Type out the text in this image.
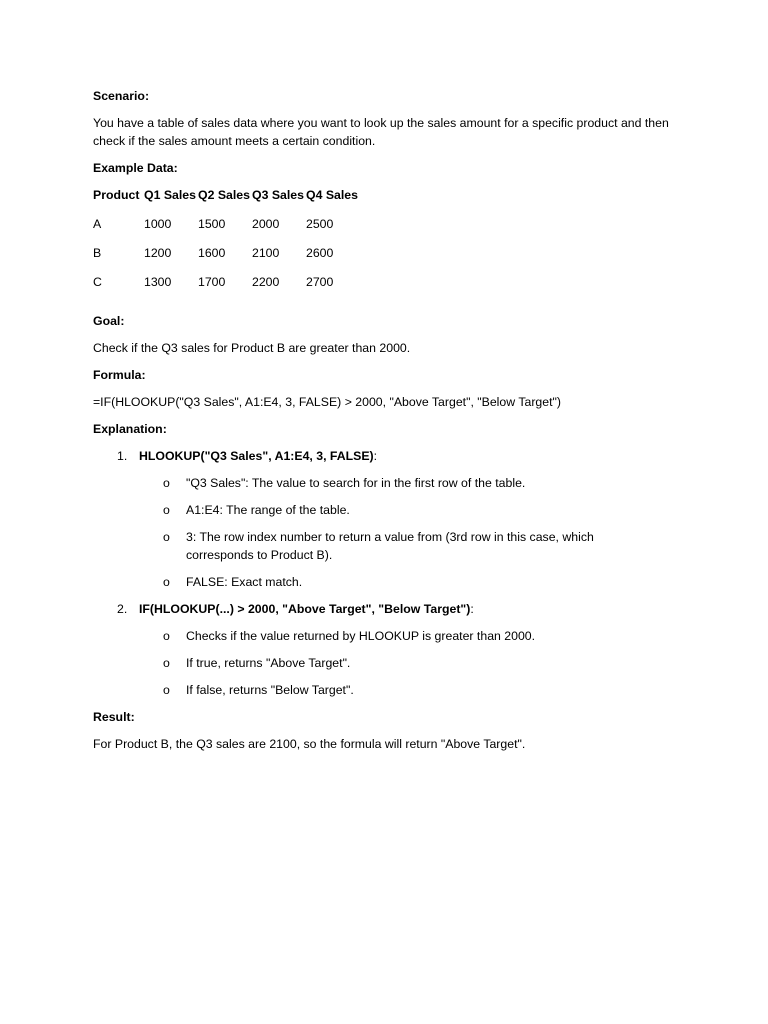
Scenario:

You have a table of sales data where you want to look up the sales amount for a specific product and then check if the sales amount meets a certain condition.

Example Data:

Product	Q1 Sales	Q2 Sales	Q3 Sales	Q4 Sales
A	1000	1500	2000	2500
B	1200	1600	2100	2600
C	1300	1700	2200	2700

Goal:

Check if the Q3 sales for Product B are greater than 2000.

Formula:

=IF(HLOOKUP("Q3 Sales", A1:E4, 3, FALSE) > 2000, "Above Target", "Below Target")

Explanation:

1. HLOOKUP("Q3 Sales", A1:E4, 3, FALSE):
o "Q3 Sales": The value to search for in the first row of the table.
o A1:E4: The range of the table.
o 3: The row index number to return a value from (3rd row in this case, which corresponds to Product B).
o FALSE: Exact match.
2. IF(HLOOKUP(...) > 2000, "Above Target", "Below Target"):
o Checks if the value returned by HLOOKUP is greater than 2000.
o If true, returns "Above Target".
o If false, returns "Below Target".

Result:

For Product B, the Q3 sales are 2100, so the formula will return "Above Target".
